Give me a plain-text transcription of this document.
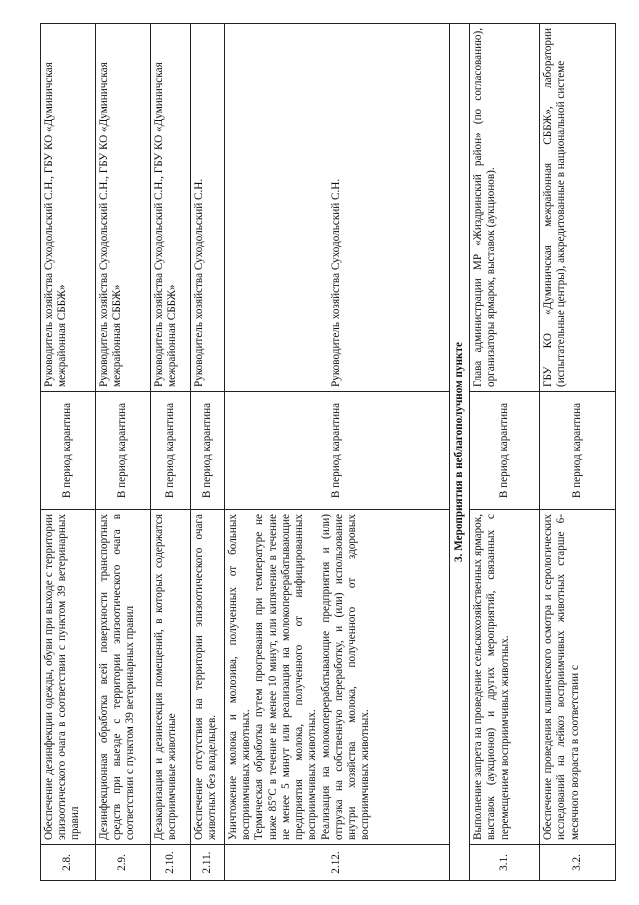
2.8.	Обеспечение дезинфекции одежды, обуви при выходе с территории эпизоотического очага в соответствии с пунктом 39 ветеринарных правил	В период карантина	Руководитель хозяйства Суходольский С.Н., ГБУ КО «Думиничская межрайонная СББЖ»
2.9.	Дезинфекционная обработка всей поверхности транспортных средств при выезде с территории эпизоотического очага в соответствии с пунктом 39 ветеринарных правил	В период карантина	Руководитель хозяйства Суходольский С.Н., ГБУ КО «Думиничская межрайонная СББЖ»
2.10.	Дезакаризация и дезинсекция помещений, в которых содержатся восприимчивые животные	В период карантина	Руководитель хозяйства Суходольский С.Н., ГБУ КО «Думиничская межрайонная СББЖ»
2.11.	Обеспечение отсутствия на территории эпизоотического очага животных без владельцев.	В период карантина	Руководитель хозяйства Суходольский С.Н.
2.12.	Уничтожение молока и молозива, полученных от больных восприимчивых животных. Термическая обработка путем прогревания при температуре не ниже 85°С в течение не менее 10 минут, или кипячение в течение не менее 5 минут или реализация на молокоперерабатывающие предприятия молока, полученного от инфицированных восприимчивых животных. Реализация на молокоперерабатывающие предприятия и (или) отгрузка на собственную переработку, и (или) использование внутри хозяйства молока, полученного от здоровых восприимчивых животных.	В период карантина	Руководитель хозяйства Суходольский С.Н.
3. Мероприятия в неблагополучном пункте			
3.1.	Выполнение запрета на проведение сельскохозяйственных ярмарок, выставок (аукционов) и других мероприятий, связанных с перемещением восприимчивых животных.	В период карантина	Глава администрации МР «Жиздринский район» (по согласованию), организаторы ярмарок, выставок (аукционов).
3.2.	Обеспечение проведения клинического осмотра и серологических исследований на лейкоз восприимчивых животных старше 6-месячного возраста в соответствии с	В период карантина	ГБУ КО «Думиничская межрайонная СББЖ», лаборатории (испытательные центры), аккредитованные в национальной системе
